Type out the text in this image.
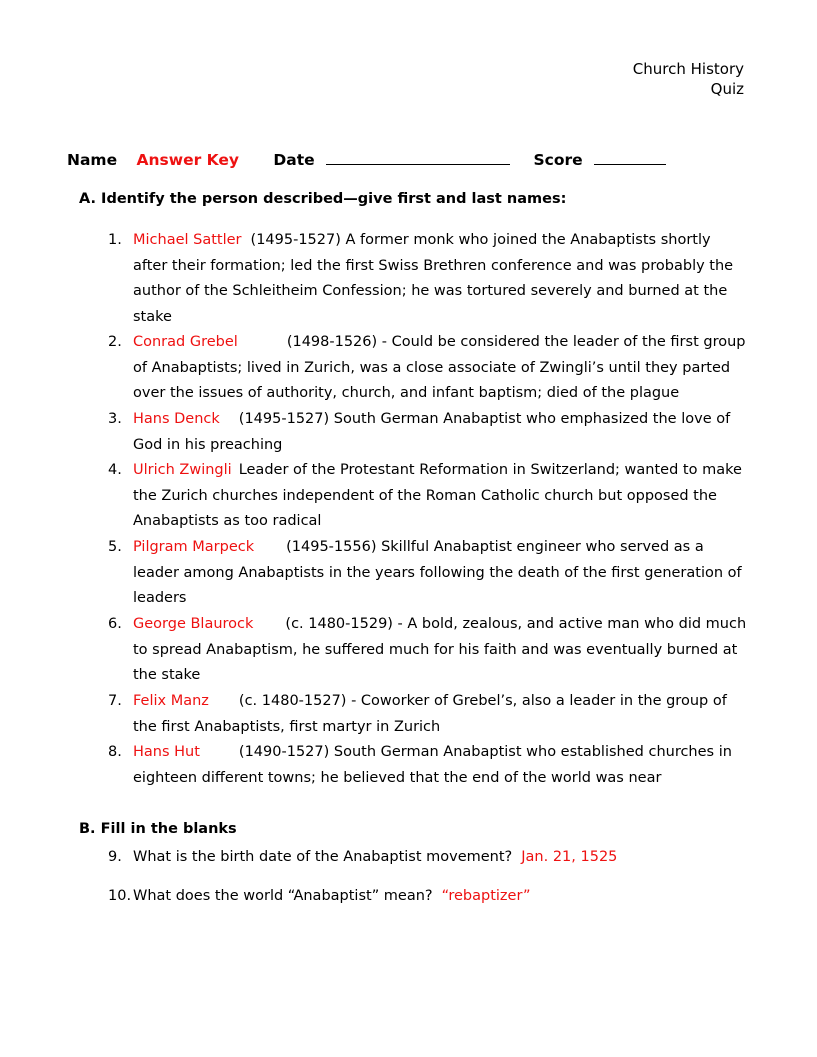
Church History
Quiz
Name Answer Key Date	Score
A. Identify the person described—give first and last names:
1. Michael Sattler (1495-1527) A former monk who joined the Anabaptists shortly after their formation; led the first Swiss Brethren conference and was probably the author of the Schleitheim Confession; he was tortured severely and burned at the stake
2. Conrad Grebel	(1498-1526) - Could be considered the leader of the first group of Anabaptists; lived in Zurich, was a close associate of Zwingli’s until they parted over the issues of authority, church, and infant baptism; died of the plague
3. Hans Denck (1495-1527) South German Anabaptist who emphasized the love of God in his preaching
4. Ulrich Zwingli Leader of the Protestant Reformation in Switzerland; wanted to make the Zurich churches independent of the Roman Catholic church but opposed the Anabaptists as too radical
5. Pilgram Marpeck (1495-1556) Skillful Anabaptist engineer who served as a leader among Anabaptists in the years following the death of the first generation of leaders
6. George Blaurock (c. 1480-1529) - A bold, zealous, and active man who did much to spread Anabaptism, he suffered much for his faith and was eventually burned at the stake
7. Felix Manz (c. 1480-1527) - Coworker of Grebel’s, also a leader in the group of the first Anabaptists, first martyr in Zurich
8. Hans Hut	(1490-1527) South German Anabaptist who established churches in eighteen different towns; he believed that the end of the world was near
B. Fill in the blanks
9. What is the birth date of the Anabaptist movement? Jan. 21, 1525
10. What does the world “Anabaptist” mean? “rebaptizer”
